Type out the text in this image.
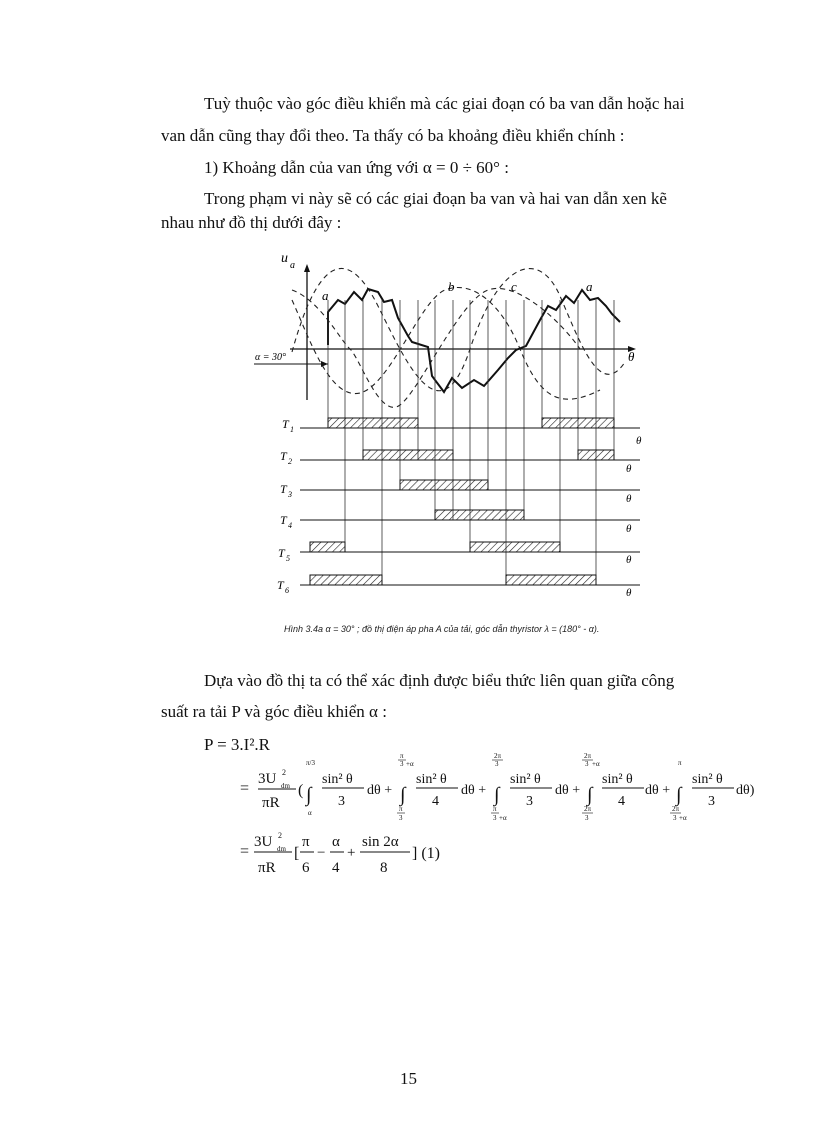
Tuỳ thuộc vào góc điều khiển mà các giai đoạn có ba van dẫn hoặc hai
van dẫn cũng thay đổi theo. Ta thấy có ba khoảng điều khiển chính :
1) Khoảng dẫn của van ứng với α = 0 ÷ 60° :
Trong phạm vi này sẽ có các giai đoạn ba van và hai van dẫn xen kẽ
nhau như đồ thị dưới đây :
u a
a
b	c	a
θ
α = 30°
T 1
θ
T 2
θ
T 3	θ
T 4	θ
T 5	θ
T 6	θ
Hình 3.4a α = 30° ; đồ thị điện áp pha A của tải, góc dẫn thyristor λ = (180° - α).
Dựa vào đồ thị ta có thể xác định được biểu thức liên quan giữa công
suất ra tải P và góc điều khiển α :
P = 3.I².R
=
3U 2
dm
πR
(
π/3
∫
α
sin² θ
3
dθ +
π
3 +α
∫
π
3
sin² θ
4
dθ +
2π
3
∫
π
3 +α
sin² θ
3
dθ +
2π
3 +α
∫
2π
3
sin² θ
4
dθ +
π
∫
2π
3 +α
sin² θ
3
dθ)
=
3U 2
dm
πR
[
π
6
−
α
4
+
sin 2α
8
] (1)
15
